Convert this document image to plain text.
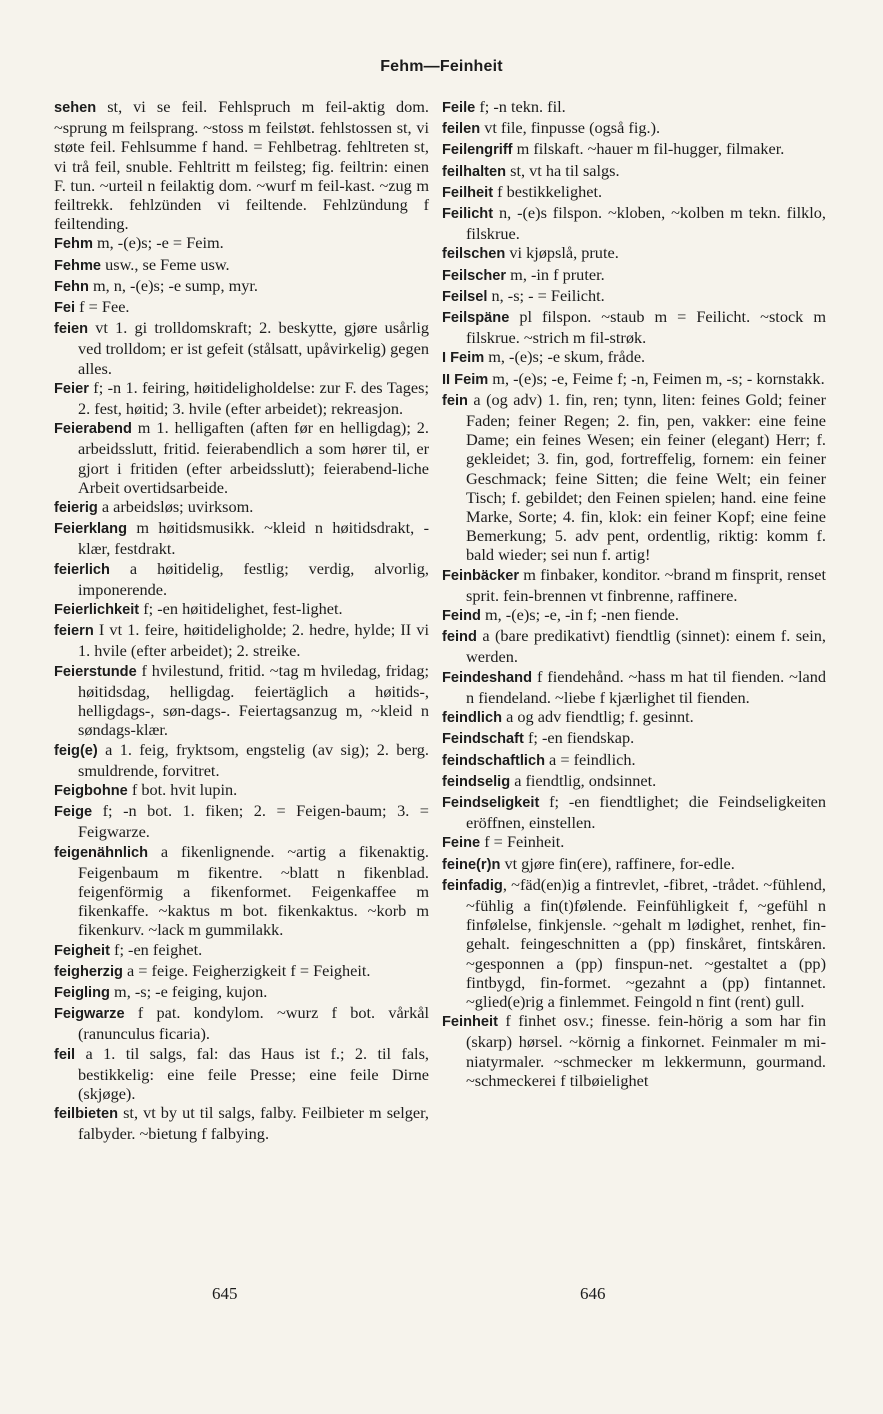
Fehm—Feinheit

sehen st, vi se feil. Fehlspruch m feil-aktig dom. ~sprung m feilsprang. ~stoss m feilstøt. fehlstossen st, vi støte feil. Fehlsumme f hand. = Fehlbetrag. fehltreten st, vi trå feil, snuble. Fehltritt m feilsteg; fig. feiltrin: einen F. tun. ~urteil n feilaktig dom. ~wurf m feil-kast. ~zug m feiltrekk. fehlzünden vi feiltende. Fehlzündung f feiltending.

Fehm m, -(e)s; -e = Feim.

Fehme usw., se Feme usw.

Fehn m, n, -(e)s; -e sump, myr.

Fei f = Fee.

feien vt 1. gi trolldomskraft; 2. beskytte, gjøre usårlig ved trolldom; er ist gefeit (stålsatt, upåvirkelig) gegen alles.

Feier f; -n 1. feiring, høitideligholdelse: zur F. des Tages; 2. fest, høitid; 3. hvile (efter arbeidet); rekreasjon.

Feierabend m 1. helligaften (aften før en helligdag); 2. arbeidsslutt, fritid. feierabendlich a som hører til, er gjort i fritiden (efter arbeidsslutt); feierabend-liche Arbeit overtidsarbeide.

feierig a arbeidsløs; uvirksom.

Feierklang m høitidsmusikk. ~kleid n høitidsdrakt, -klær, festdrakt.

feierlich a høitidelig, festlig; verdig, alvorlig, imponerende.

Feierlichkeit f; -en høitidelighet, fest-lighet.

feiern I vt 1. feire, høitideligholde; 2. hedre, hylde; II vi 1. hvile (efter arbeidet); 2. streike.

Feierstunde f hvilestund, fritid. ~tag m hviledag, fridag; høitidsdag, helligdag. feiertäglich a høitids-, helligdags-, søn-dags-. Feiertagsanzug m, ~kleid n søndags-klær.

feig(e) a 1. feig, fryktsom, engstelig (av sig); 2. berg. smuldrende, forvitret.

Feigbohne f bot. hvit lupin.

Feige f; -n bot. 1. fiken; 2. = Feigen-baum; 3. = Feigwarze.

feigenähnlich a fikenlignende. ~artig a fikenaktig. Feigenbaum m fikentre. ~blatt n fikenblad. feigenförmig a fikenformet. Feigenkaffee m fikenkaffe. ~kaktus m bot. fikenkaktus. ~korb m fikenkurv. ~lack m gummilakk.

Feigheit f; -en feighet.

feigherzig a = feige. Feigherzigkeit f = Feigheit.

Feigling m, -s; -e feiging, kujon.

Feigwarze f pat. kondylom. ~wurz f bot. vårkål (ranunculus ficaria).

feil a 1. til salgs, fal: das Haus ist f.; 2. til fals, bestikkelig: eine feile Presse; eine feile Dirne (skjøge).

feilbieten st, vt by ut til salgs, falby. Feilbieter m selger, falbyder. ~bietung f falbying.

Feile f; -n tekn. fil.

feilen vt file, finpusse (også fig.).

Feilengriff m filskaft. ~hauer m fil-hugger, filmaker.

feilhalten st, vt ha til salgs.

Feilheit f bestikkelighet.

Feilicht n, -(e)s filspon. ~kloben, ~kolben m tekn. filklo, filskrue.

feilschen vi kjøpslå, prute.

Feilscher m, -in f pruter.

Feilsel n, -s; - = Feilicht.

Feilspäne pl filspon. ~staub m = Feilicht. ~stock m filskrue. ~strich m fil-strøk.

I Feim m, -(e)s; -e skum, fråde.

II Feim m, -(e)s; -e, Feime f; -n, Feimen m, -s; - kornstakk.

fein a (og adv) 1. fin, ren; tynn, liten: feines Gold; feiner Faden; feiner Regen; 2. fin, pen, vakker: eine feine Dame; ein feines Wesen; ein feiner (elegant) Herr; f. gekleidet; 3. fin, god, fortreffelig, fornem: ein feiner Geschmack; feine Sitten; die feine Welt; ein feiner Tisch; f. gebildet; den Feinen spielen; hand. eine feine Marke, Sorte; 4. fin, klok: ein feiner Kopf; eine feine Bemerkung; 5. adv pent, ordentlig, riktig: komm f. bald wieder; sei nun f. artig!

Feinbäcker m finbaker, konditor. ~brand m finsprit, renset sprit. fein-brennen vt finbrenne, raffinere.

Feind m, -(e)s; -e, -in f; -nen fiende.

feind a (bare predikativt) fiendtlig (sinnet): einem f. sein, werden.

Feindeshand f fiendehånd. ~hass m hat til fienden. ~land n fiendeland. ~liebe f kjærlighet til fienden.

feindlich a og adv fiendtlig; f. gesinnt.

Feindschaft f; -en fiendskap.

feindschaftlich a = feindlich.

feindselig a fiendtlig, ondsinnet.

Feindseligkeit f; -en fiendtlighet; die Feindseligkeiten eröffnen, einstellen.

Feine f = Feinheit.

feine(r)n vt gjøre fin(ere), raffinere, for-edle.

feinfadig, ~fäd(en)ig a fintrevlet, -fibret, -trådet. ~fühlend, ~fühlig a fin(t)følende. Feinfühligkeit f, ~gefühl n finfølelse, finkjensle. ~gehalt m lødighet, renhet, fin-gehalt. feingeschnitten a (pp) finskåret, fintskåren. ~gesponnen a (pp) finspun-net. ~gestaltet a (pp) fintbygd, fin-formet. ~gezahnt a (pp) fintannet. ~glied(e)rig a finlemmet. Feingold n fint (rent) gull.

Feinheit f finhet osv.; finesse. fein-hörig a som har fin (skarp) hørsel. ~körnig a finkornet. Feinmaler m mi-niatyrmaler. ~schmecker m lekkermunn, gourmand. ~schmeckerei f tilbøielighet

645	646
